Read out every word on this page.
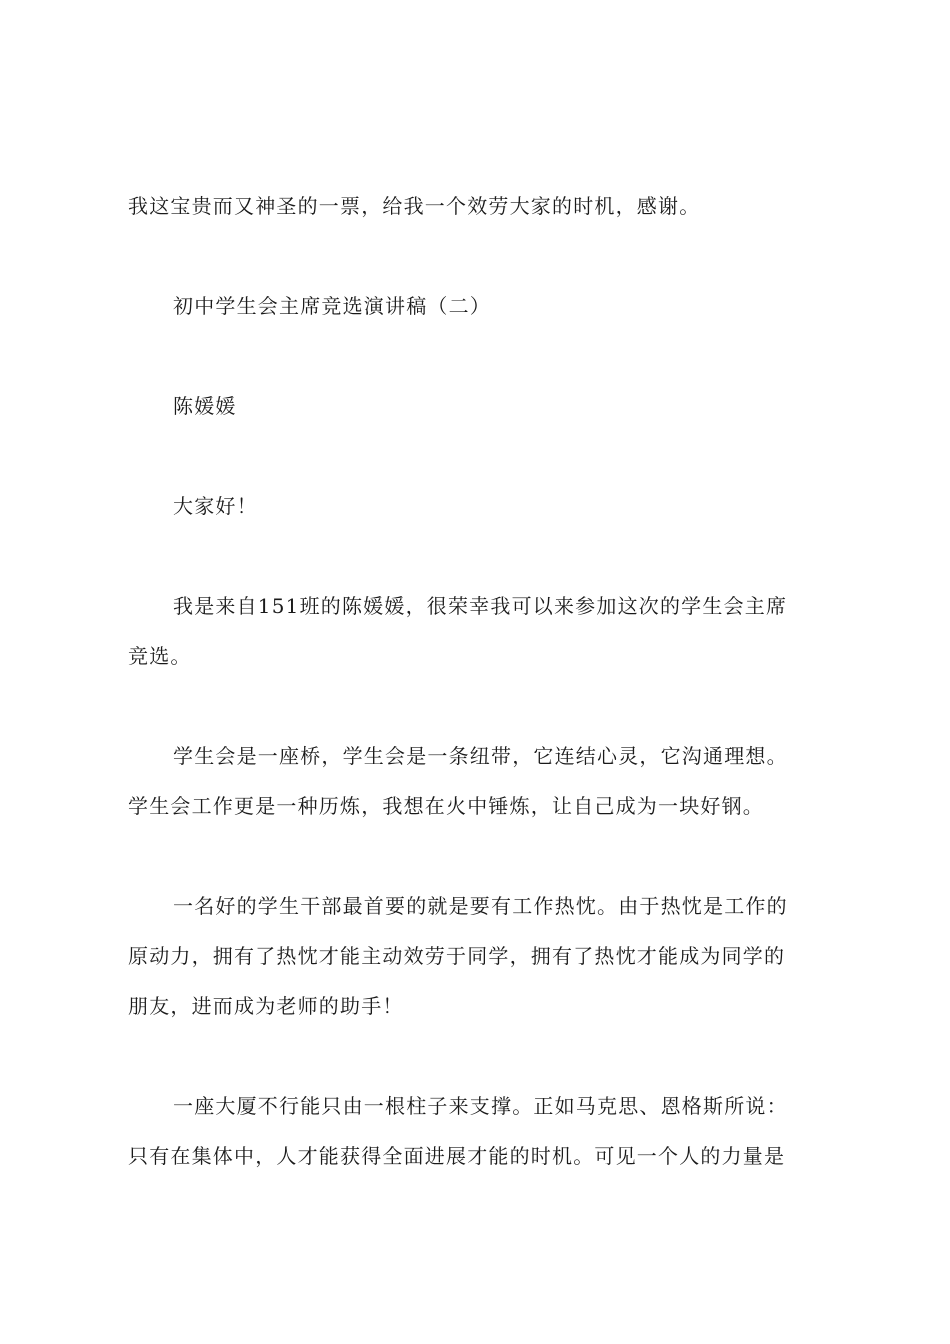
我这宝贵而又神圣的一票，给我一个效劳大家的时机，感谢。
初中学生会主席竞选演讲稿（二）
陈媛媛
大家好！
我是来自151班的陈媛媛，很荣幸我可以来参加这次的学生会主席
竞选。
学生会是一座桥，学生会是一条纽带，它连结心灵，它沟通理想。
学生会工作更是一种历炼，我想在火中锤炼，让自己成为一块好钢。
一名好的学生干部最首要的就是要有工作热忱。由于热忱是工作的
原动力，拥有了热忱才能主动效劳于同学，拥有了热忱才能成为同学的
朋友，进而成为老师的助手！
一座大厦不行能只由一根柱子来支撑。正如马克思、恩格斯所说：
只有在集体中，人才能获得全面进展才能的时机。可见一个人的力量是
